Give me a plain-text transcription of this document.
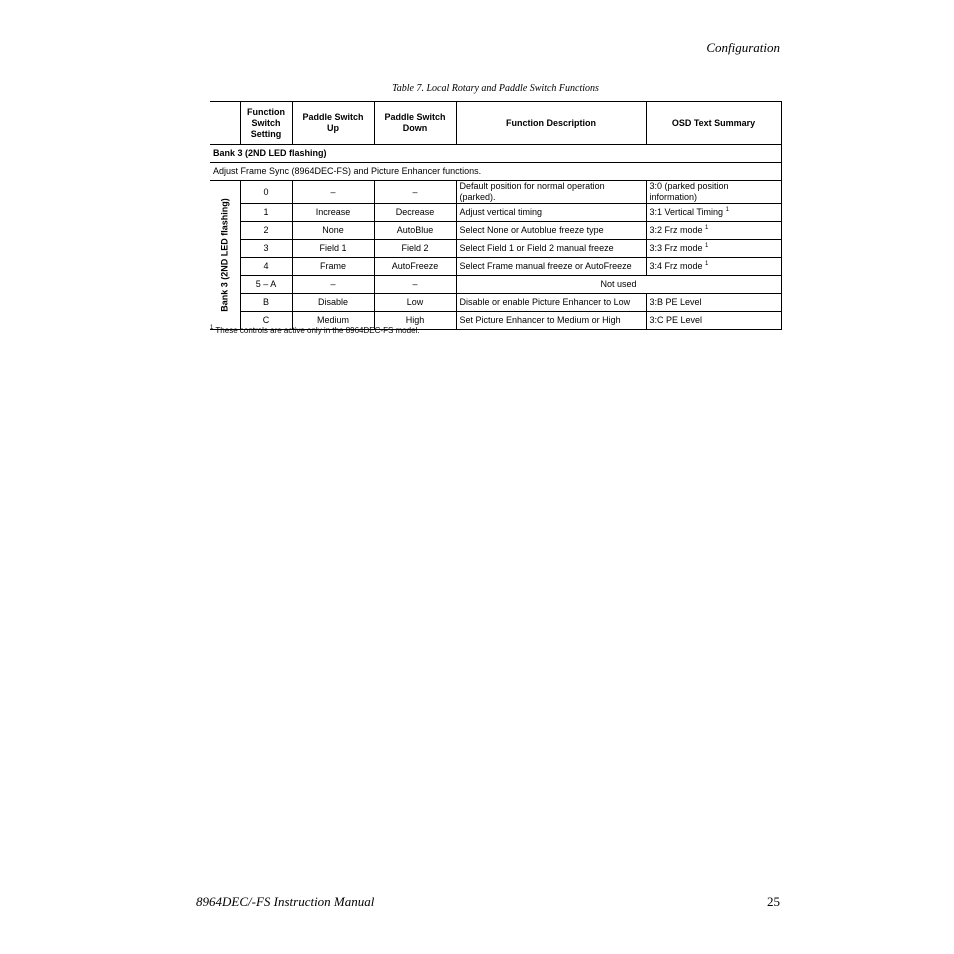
Configuration
Table 7. Local Rotary and Paddle Switch Functions
	Function Switch Setting	Paddle Switch Up	Paddle Switch Down	Function Description	OSD Text Summary
Bank 3 (2ND LED flashing)					
Adjust Frame Sync (8964DEC-FS) and Picture Enhancer functions.					

Bank 3 (2ND LED flashing)	0	–	–	Default position for normal operation (parked).	3:0 (parked position information)
	1	Increase	Decrease	Adjust vertical timing	3:1 Vertical Timing $^1$
	2	None	AutoBlue	Select None or Autoblue freeze type	3:2 Frz mode $^1$
	3	Field 1	Field 2	Select Field 1 or Field 2 manual freeze	3:3 Frz mode $^1$
	4	Frame	AutoFreeze	Select Frame manual freeze or AutoFreeze	3:4 Frz mode $^1$
	5 – A	–	–	Not used	
	B	Disable	Low	Disable or enable Picture Enhancer to Low	3:B PE Level
	C	Medium	High	Set Picture Enhancer to Medium or High	3:C PE Level
$^1$ These controls are active only in the 8964DEC-FS model.
8964DEC/-FS Instruction Manual	25
